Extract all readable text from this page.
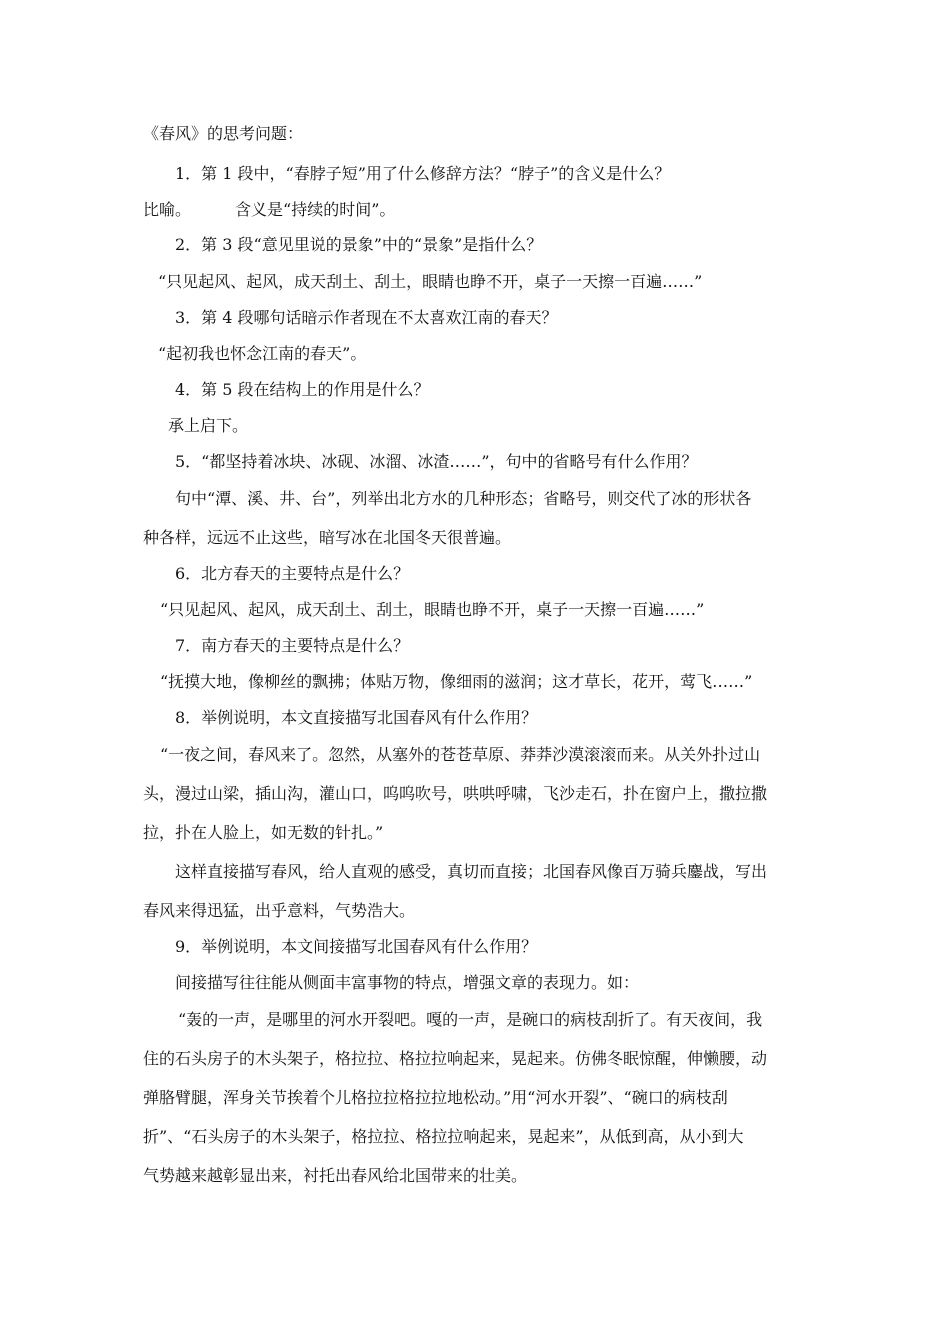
《春风》的思考问题：
1．第 1 段中，“春脖子短”用了什么修辞方法？“脖子”的含义是什么？
比喻。	含义是“持续的时间”。
2．第 3 段“意见里说的景象”中的“景象”是指什么？
“只见起风、起风，成天刮土、刮土，眼睛也睁不开，桌子一天擦一百遍……”
3．第 4 段哪句话暗示作者现在不太喜欢江南的春天？
“起初我也怀念江南的春天”。
4．第 5 段在结构上的作用是什么？
承上启下。
5．“都坚持着冰块、冰砚、冰溜、冰渣……”，句中的省略号有什么作用？
句中“潭、溪、井、台”，列举出北方水的几种形态；省略号，则交代了冰的形状各
种各样，远远不止这些，暗写冰在北国冬天很普遍。
6．北方春天的主要特点是什么？
“只见起风、起风，成天刮土、刮土，眼睛也睁不开，桌子一天擦一百遍……”
7．南方春天的主要特点是什么？
“抚摸大地，像柳丝的飘拂；体贴万物，像细雨的滋润；这才草长，花开，莺飞……”
8．举例说明，本文直接描写北国春风有什么作用？
“一夜之间，春风来了。忽然，从塞外的苍苍草原、莽莽沙漠滚滚而来。从关外扑过山
头，漫过山梁，插山沟，灌山口，呜呜吹号，哄哄呼啸，飞沙走石，扑在窗户上，撒拉撒
拉，扑在人脸上，如无数的针扎。”
这样直接描写春风，给人直观的感受，真切而直接；北国春风像百万骑兵鏖战，写出
春风来得迅猛，出乎意料，气势浩大。
9．举例说明，本文间接描写北国春风有什么作用？
间接描写往往能从侧面丰富事物的特点，增强文章的表现力。如：
“轰的一声，是哪里的河水开裂吧。嘎的一声，是碗口的病枝刮折了。有天夜间，我
住的石头房子的木头架子，格拉拉、格拉拉响起来，晃起来。仿佛冬眠惊醒，伸懒腰，动
弹胳臂腿，浑身关节挨着个儿格拉拉格拉拉地松动。”用“河水开裂”、“碗口的病枝刮
折”、“石头房子的木头架子，格拉拉、格拉拉响起来，晃起来”，从低到高，从小到大
气势越来越彰显出来，衬托出春风给北国带来的壮美。
